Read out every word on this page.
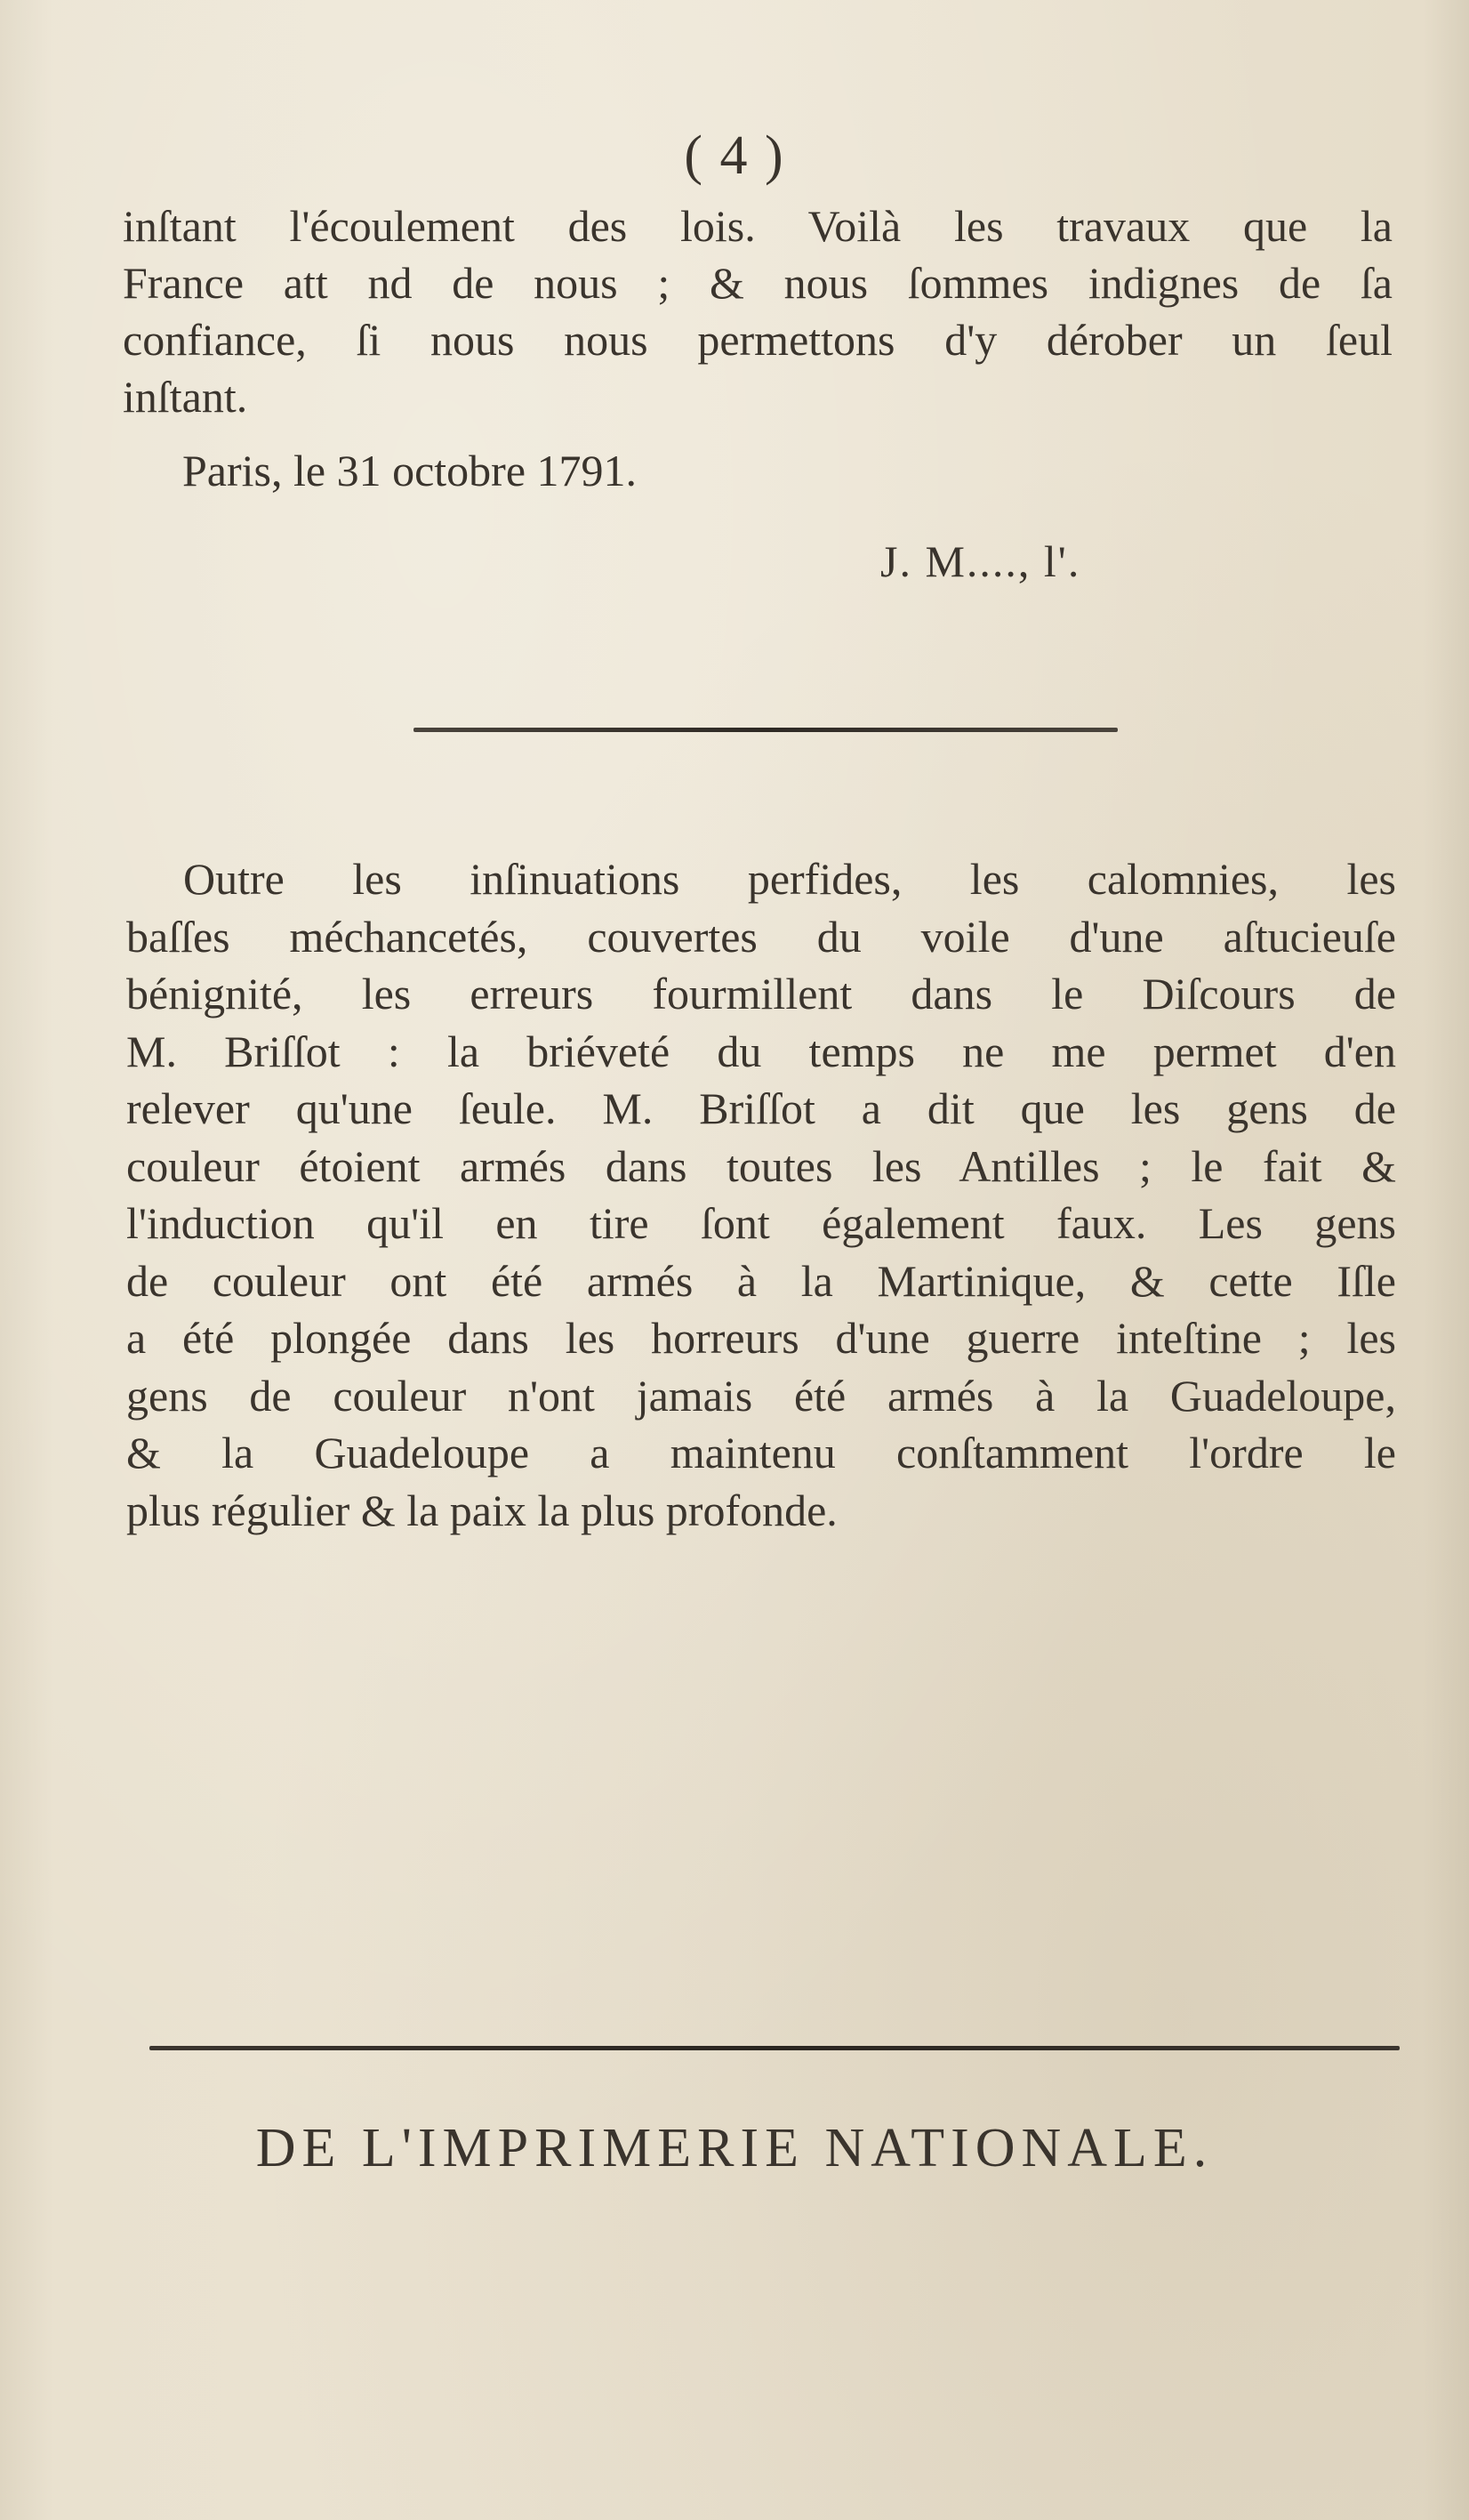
( 4 )
inſtant l'écoulement des lois. Voilà les travaux que la
France att nd de nous ; & nous ſommes indignes de ſa
confiance, ſi nous nous permettons d'y dérober un ſeul
inſtant.
Paris, le 31 octobre 1791.
J. M...., l'.
Outre les inſinuations perfides, les calomnies, les
baſſes méchancetés, couvertes du voile d'une aſtucieuſe
bénignité, les erreurs fourmillent dans le Diſcours de
M. Briſſot : la briéveté du temps ne me permet d'en
relever qu'une ſeule. M. Briſſot a dit que les gens de
couleur étoient armés dans toutes les Antilles ; le fait &
l'induction qu'il en tire ſont également faux. Les gens
de couleur ont été armés à la Martinique, & cette Iſle
a été plongée dans les horreurs d'une guerre inteſtine ; les
gens de couleur n'ont jamais été armés à la Guadeloupe,
& la Guadeloupe a maintenu conſtamment l'ordre le
plus régulier & la paix la plus profonde.
DE L'IMPRIMERIE NATIONALE.
